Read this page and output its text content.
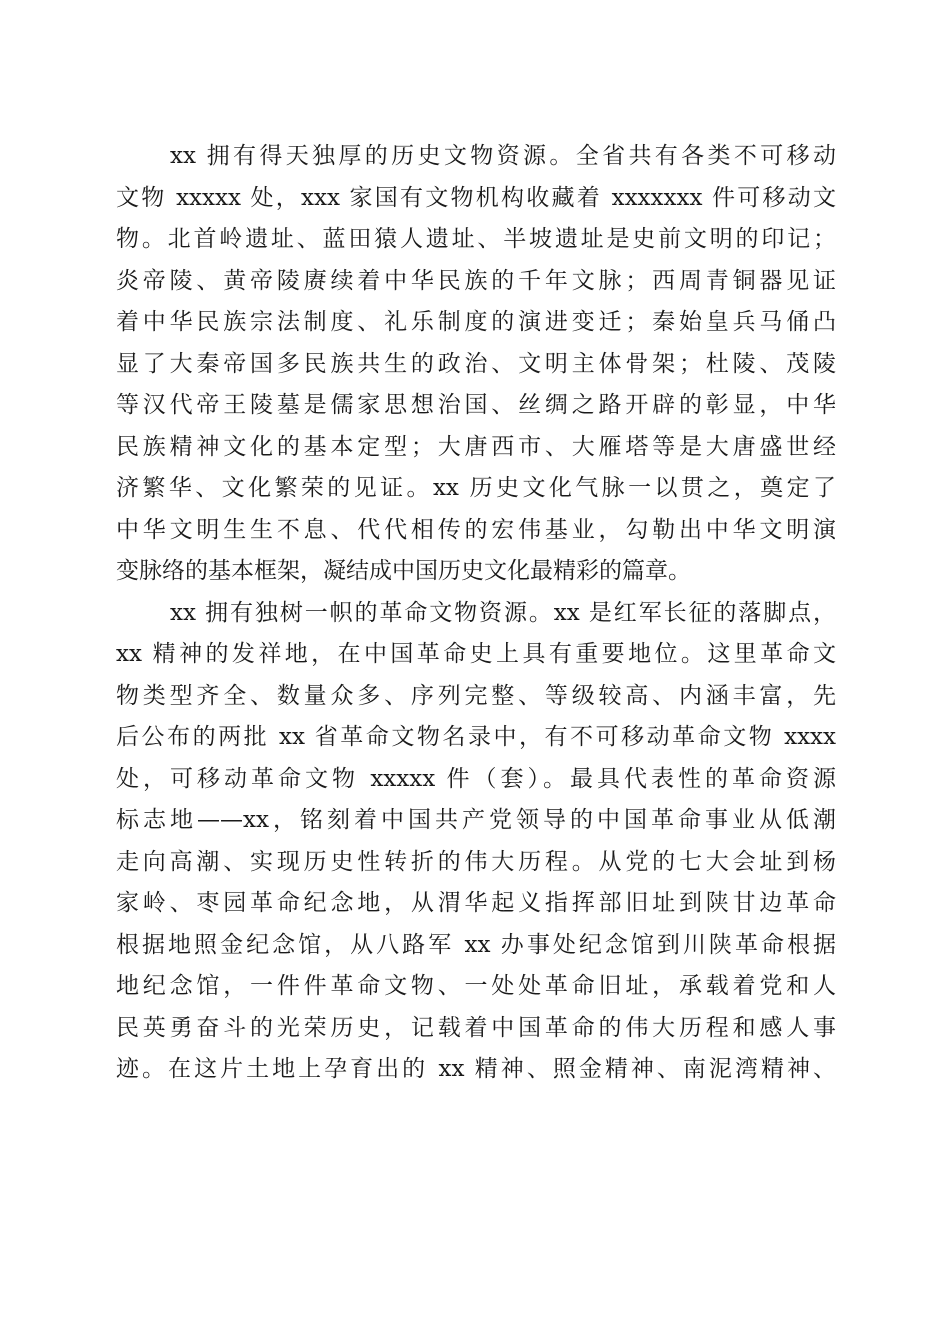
xx 拥有得天独厚的历史文物资源。全省共有各类不可移动
文物 xxxxx 处，xxx 家国有文物机构收藏着 xxxxxxx 件可移动文
物。北首岭遗址、蓝田猿人遗址、半坡遗址是史前文明的印记；
炎帝陵、黄帝陵赓续着中华民族的千年文脉；西周青铜器见证
着中华民族宗法制度、礼乐制度的演进变迁；秦始皇兵马俑凸
显了大秦帝国多民族共生的政治、文明主体骨架；杜陵、茂陵
等汉代帝王陵墓是儒家思想治国、丝绸之路开辟的彰显，中华
民族精神文化的基本定型；大唐西市、大雁塔等是大唐盛世经
济繁华、文化繁荣的见证。xx 历史文化气脉一以贯之，奠定了
中华文明生生不息、代代相传的宏伟基业，勾勒出中华文明演
变脉络的基本框架，凝结成中国历史文化最精彩的篇章。
xx 拥有独树一帜的革命文物资源。xx 是红军长征的落脚点，
xx 精神的发祥地，在中国革命史上具有重要地位。这里革命文
物类型齐全、数量众多、序列完整、等级较高、内涵丰富，先
后公布的两批 xx 省革命文物名录中，有不可移动革命文物 xxxx
处，可移动革命文物 xxxxx 件（套）。最具代表性的革命资源
标志地——xx，铭刻着中国共产党领导的中国革命事业从低潮
走向高潮、实现历史性转折的伟大历程。从党的七大会址到杨
家岭、枣园革命纪念地，从渭华起义指挥部旧址到陕甘边革命
根据地照金纪念馆，从八路军 xx 办事处纪念馆到川陕革命根据
地纪念馆，一件件革命文物、一处处革命旧址，承载着党和人
民英勇奋斗的光荣历史，记载着中国革命的伟大历程和感人事
迹。在这片土地上孕育出的 xx 精神、照金精神、南泥湾精神、
